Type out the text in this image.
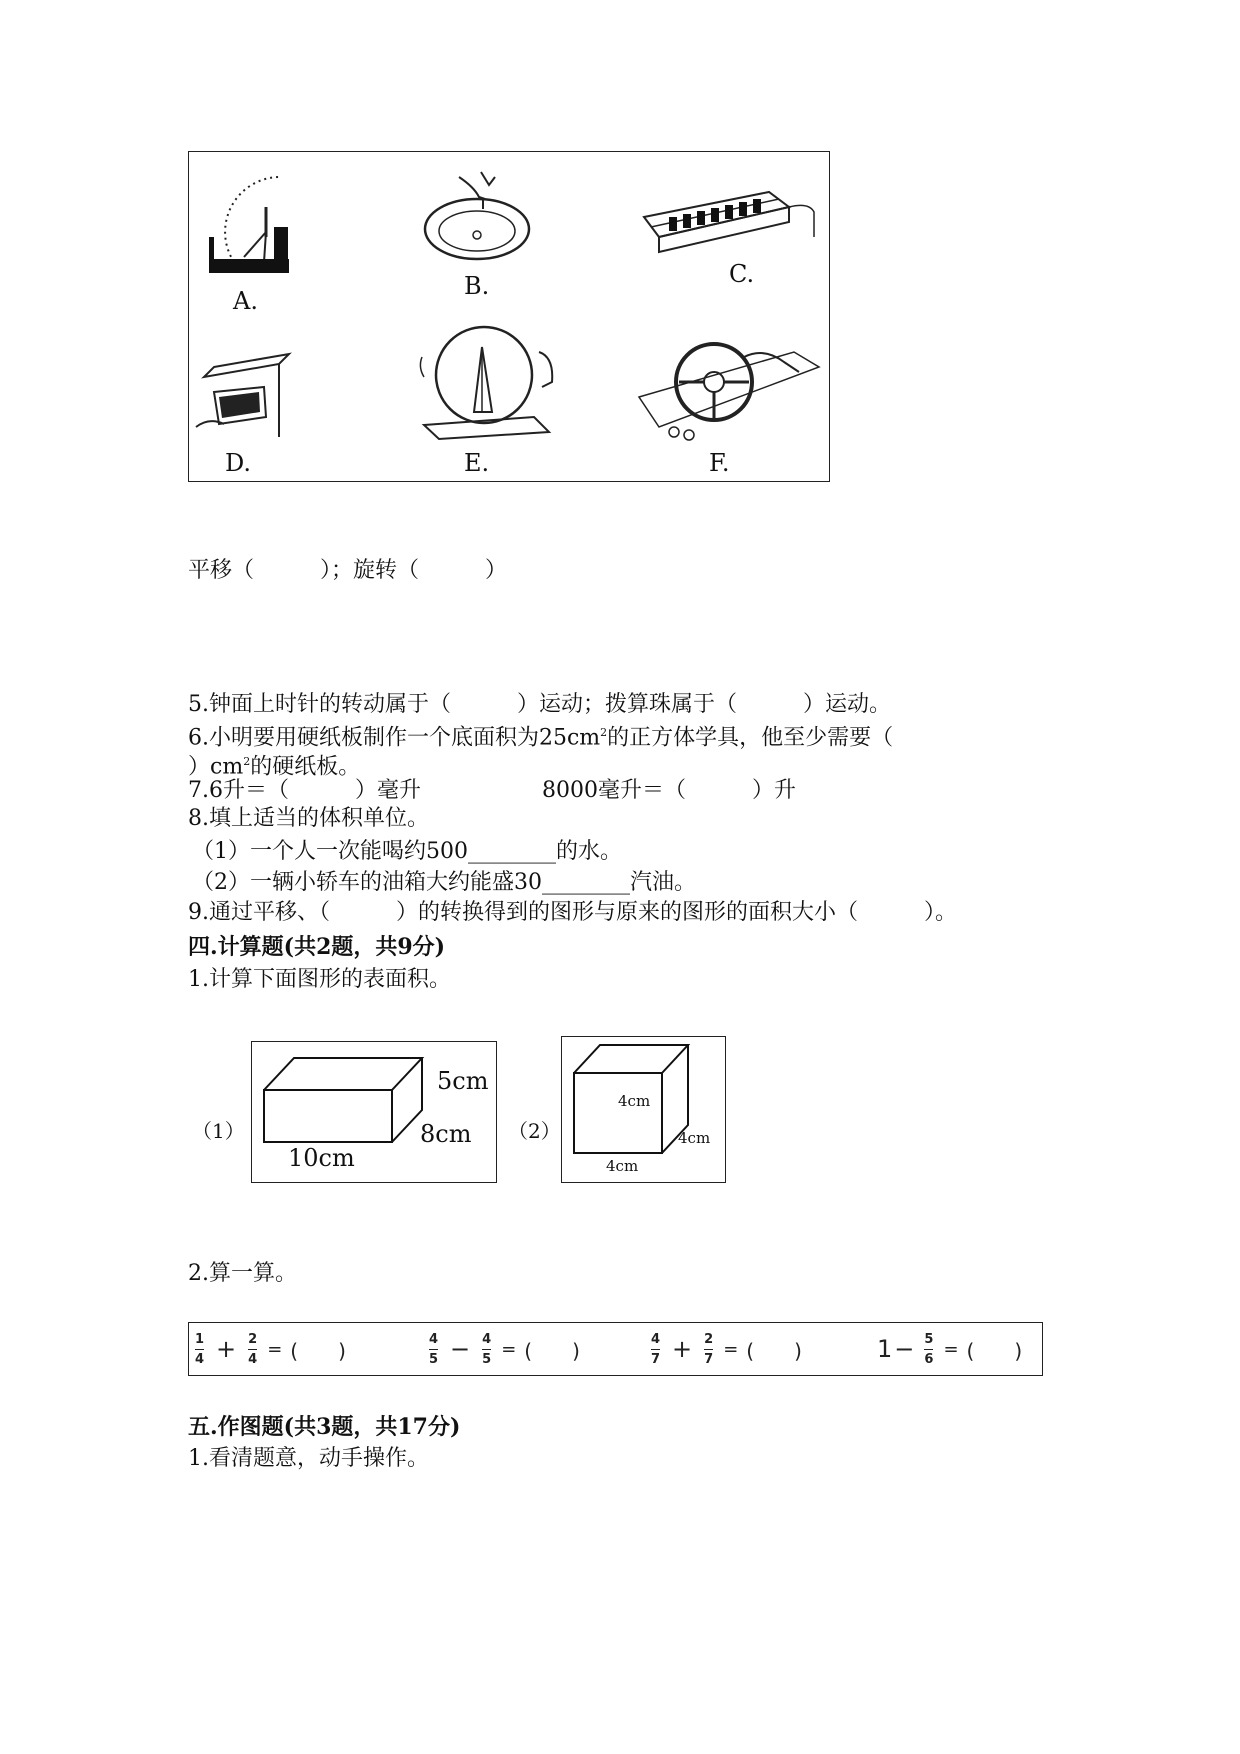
A.
B.	C.
D.	E.	F.
平移（　　　）；旋转（　　　）
5.钟面上时针的转动属于（　　　）运动；拨算珠属于（　　　）运动。
6.小明要用硬纸板制作一个底面积为$25cm^2$的正方体学具，他至少需要（
）$cm^2$的硬纸板。
7.6升＝（　　　）毫升	8000毫升＝（　　　）升
8.填上适当的体积单位。
（1）一个人一次能喝约500________的水。
（2）一辆小轿车的油箱大约能盛30________汽油。
9.通过平移、（　　　）的转换得到的图形与原来的图形的面积大小（　　　）。
四.计算题(共2题，共9分)
1.计算下面图形的表面积。
（1）
5cm
8cm
10cm
（2）
4cm
4cm
4cm
2.算一算。
$\frac{1}{4} + \frac{2}{4}$ = (　　)	$\frac{4}{5} - \frac{4}{5}$ = (　　)	$\frac{4}{7} + \frac{2}{7}$ = (　　)	$1 - \frac{5}{6}$ = (　　)
五.作图题(共3题，共17分)
1.看清题意，动手操作。
